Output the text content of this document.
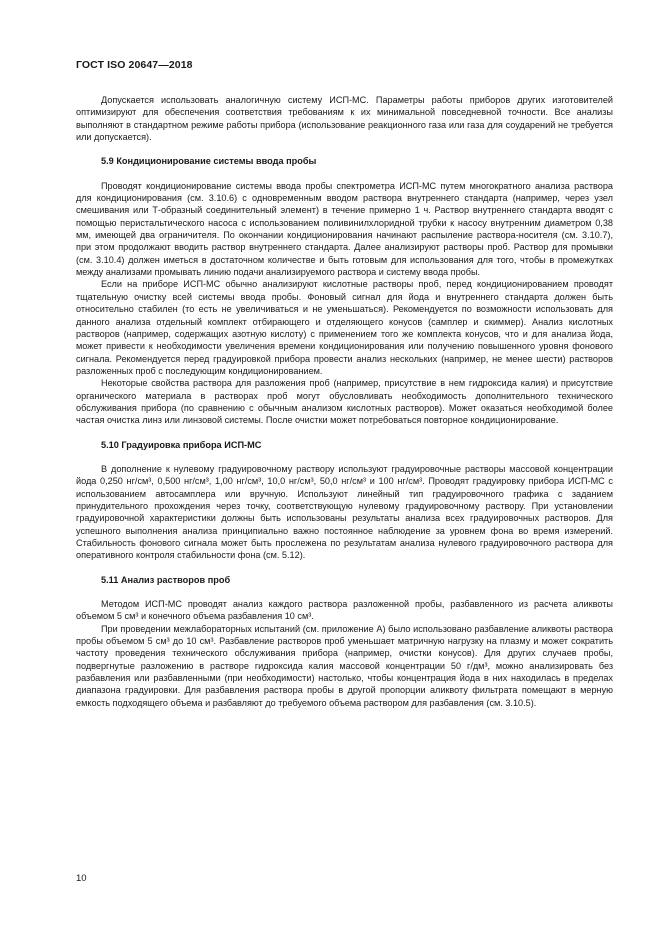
ГОСТ ISO 20647—2018

Допускается использовать аналогичную систему ИСП-МС. Параметры работы приборов других изготовителей оптимизируют для обеспечения соответствия требованиям к их минимальной повседневной точности. Все анализы выполняют в стандартном режиме работы прибора (использование реакционного газа или газа для соударений не требуется или допускается).

5.9 Кондиционирование системы ввода пробы

Проводят кондиционирование системы ввода пробы спектрометра ИСП-МС путем многократного анализа раствора для кондиционирования (см. 3.10.6) с одновременным вводом раствора внутреннего стандарта (например, через узел смешивания или Т-образный соединительный элемент) в течение примерно 1 ч. Раствор внутреннего стандарта вводят с помощью перистальтического насоса с использованием поливинилхлоридной трубки к насосу внутренним диаметром 0,38 мм, имеющей два ограничителя. По окончании кондиционирования начинают распыление раствора-носителя (см. 3.10.7), при этом продолжают вводить раствор внутреннего стандарта. Далее анализируют растворы проб. Раствор для промывки (см. 3.10.4) должен иметься в достаточном количестве и быть готовым для использования для того, чтобы в промежутках между анализами промывать линию подачи анализируемого раствора и систему ввода пробы.

Если на приборе ИСП-МС обычно анализируют кислотные растворы проб, перед кондиционированием проводят тщательную очистку всей системы ввода пробы. Фоновый сигнал для йода и внутреннего стандарта должен быть относительно стабилен (то есть не увеличиваться и не уменьшаться). Рекомендуется по возможности использовать для данного анализа отдельный комплект отбирающего и отделяющего конусов (самплер и скиммер). Анализ кислотных растворов (например, содержащих азотную кислоту) с применением того же комплекта конусов, что и для анализа йода, может привести к необходимости увеличения времени кондиционирования или получению повышенного уровня фонового сигнала. Рекомендуется перед градуировкой прибора провести анализ нескольких (например, не менее шести) растворов разложенных проб с последующим кондиционированием.

Некоторые свойства раствора для разложения проб (например, присутствие в нем гидроксида калия) и присутствие органического материала в растворах проб могут обусловливать необходимость дополнительного технического обслуживания прибора (по сравнению с обычным анализом кислотных растворов). Может оказаться необходимой более частая очистка линз или линзовой системы. После очистки может потребоваться повторное кондиционирование.

5.10 Градуировка прибора ИСП-МС

В дополнение к нулевому градуировочному раствору используют градуировочные растворы массовой концентрации йода 0,250 нг/см³, 0,500 нг/см³, 1,00 нг/см³, 10,0 нг/см³, 50,0 нг/см³ и 100 нг/см³. Проводят градуировку прибора ИСП-МС с использованием автосамплера или вручную. Используют линейный тип градуировочного графика с заданием принудительного прохождения через точку, соответствующую нулевому градуировочному раствору. При установлении градуировочной характеристики должны быть использованы результаты анализа всех градуировочных растворов. Для успешного выполнения анализа принципиально важно постоянное наблюдение за уровнем фона во время измерений. Стабильность фонового сигнала может быть прослежена по результатам анализа нулевого градуировочного раствора для оперативного контроля стабильности фона (см. 5.12).

5.11 Анализ растворов проб

Методом ИСП-МС проводят анализ каждого раствора разложенной пробы, разбавленного из расчета аликвоты объемом 5 см³ и конечного объема разбавления 10 см³.

При проведении межлабораторных испытаний (см. приложение А) было использовано разбавление аликвоты раствора пробы объемом 5 см³ до 10 см³. Разбавление растворов проб уменьшает матричную нагрузку на плазму и может сократить частоту проведения технического обслуживания прибора (например, очистки конусов). Для других случаев пробы, подвергнутые разложению в растворе гидроксида калия массовой концентрации 50 г/дм³, можно анализировать без разбавления или разбавленными (при необходимости) настолько, чтобы концентрация йода в них находилась в пределах диапазона градуировки. Для разбавления раствора пробы в другой пропорции аликвоту фильтрата помещают в мерную емкость подходящего объема и разбавляют до требуемого объема раствором для разбавления (см. 3.10.5).

10
